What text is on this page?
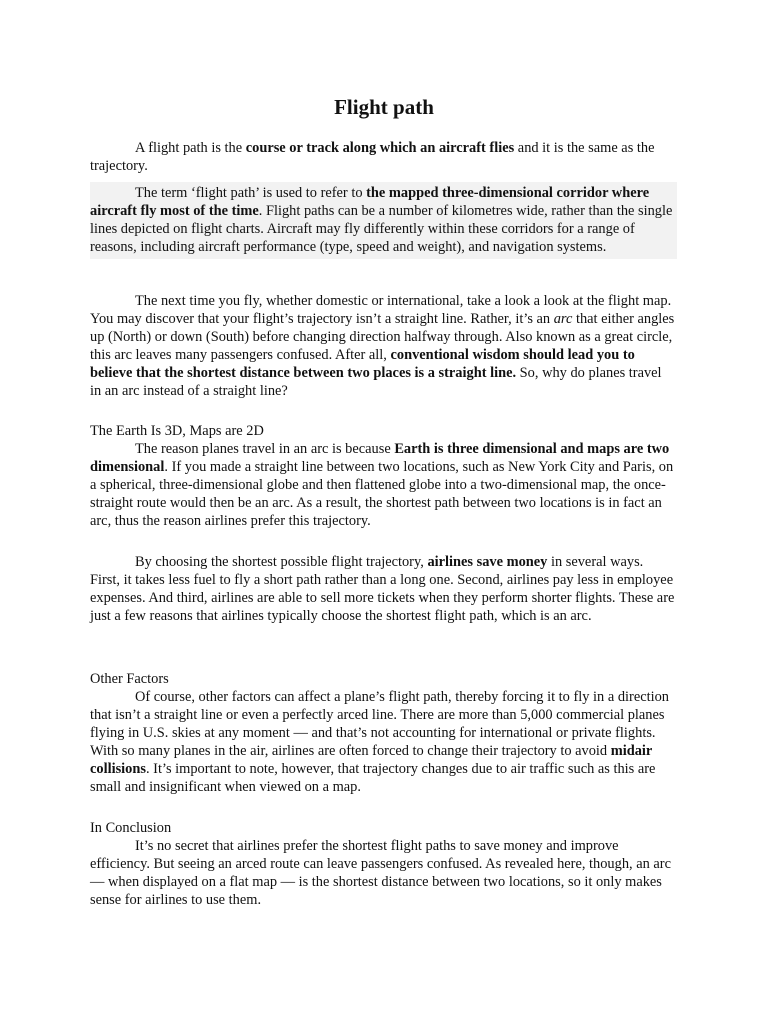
Flight path

A flight path is the course or track along which an aircraft flies and it is the same as the trajectory.

The term ‘flight path’ is used to refer to the mapped three-dimensional corridor where aircraft fly most of the time. Flight paths can be a number of kilometres wide, rather than the single lines depicted on flight charts. Aircraft may fly differently within these corridors for a range of reasons, including aircraft performance (type, speed and weight), and navigation systems.

The next time you fly, whether domestic or international, take a look a look at the flight map. You may discover that your flight’s trajectory isn’t a straight line. Rather, it’s an arc that either angles up (North) or down (South) before changing direction halfway through. Also known as a great circle, this arc leaves many passengers confused. After all, conventional wisdom should lead you to believe that the shortest distance between two places is a straight line. So, why do planes travel in an arc instead of a straight line?

The Earth Is 3D, Maps are 2D

The reason planes travel in an arc is because Earth is three dimensional and maps are two dimensional. If you made a straight line between two locations, such as New York City and Paris, on a spherical, three-dimensional globe and then flattened globe into a two-dimensional map, the once-straight route would then be an arc. As a result, the shortest path between two locations is in fact an arc, thus the reason airlines prefer this trajectory.

By choosing the shortest possible flight trajectory, airlines save money in several ways. First, it takes less fuel to fly a short path rather than a long one. Second, airlines pay less in employee expenses. And third, airlines are able to sell more tickets when they perform shorter flights. These are just a few reasons that airlines typically choose the shortest flight path, which is an arc.

Other Factors

Of course, other factors can affect a plane’s flight path, thereby forcing it to fly in a direction that isn’t a straight line or even a perfectly arced line. There are more than 5,000 commercial planes flying in U.S. skies at any moment — and that’s not accounting for international or private flights. With so many planes in the air, airlines are often forced to change their trajectory to avoid midair collisions. It’s important to note, however, that trajectory changes due to air traffic such as this are small and insignificant when viewed on a map.

In Conclusion

It’s no secret that airlines prefer the shortest flight paths to save money and improve efficiency. But seeing an arced route can leave passengers confused. As revealed here, though, an arc — when displayed on a flat map — is the shortest distance between two locations, so it only makes sense for airlines to use them.
